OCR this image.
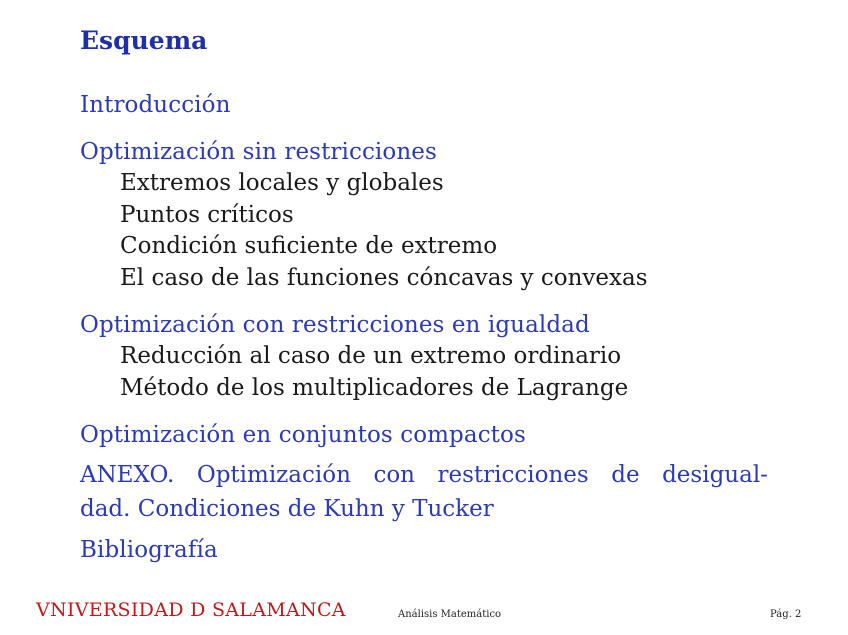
Esquema
Introducción
Optimización sin restricciones
Extremos locales y globales
Puntos críticos
Condición suficiente de extremo
El caso de las funciones cóncavas y convexas
Optimización con restricciones en igualdad
Reducción al caso de un extremo ordinario
Método de los multiplicadores de Lagrange
Optimización en conjuntos compactos
ANEXO. Optimización con restricciones de desigual-
dad. Condiciones de Kuhn y Tucker
Bibliografía
VNIVERSIDAD D SALAMANCA	Análisis Matemático	Pág. 2
